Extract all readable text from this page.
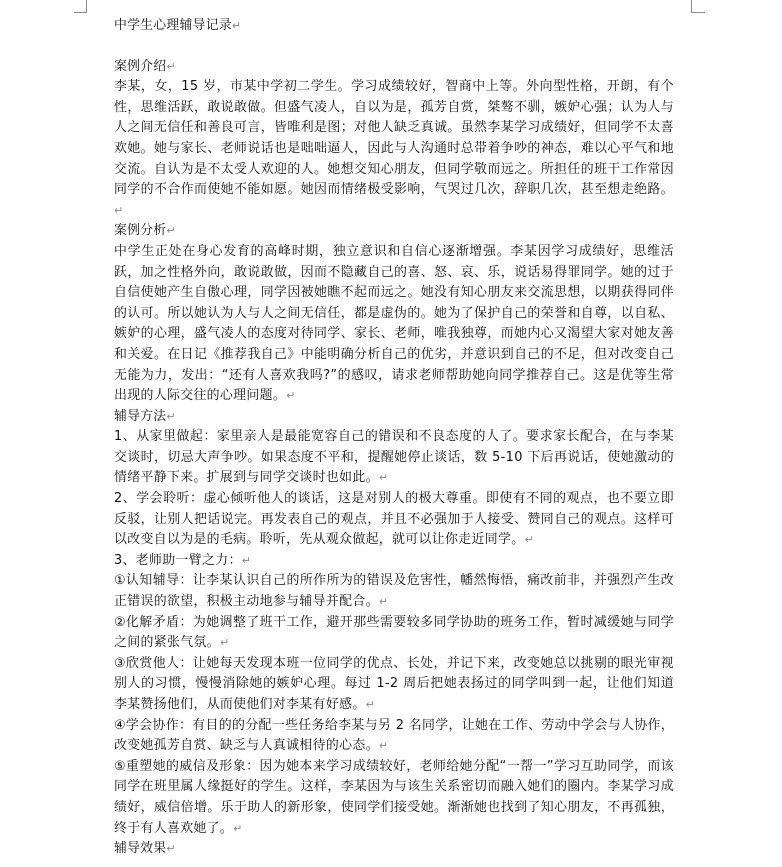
中学生心理辅导记录↵

案例介绍↵

李某，女，15 岁，市某中学初二学生。学习成绩较好，智商中上等。外向型性格，开朗，有个性，思维活跃，敢说敢做。但盛气凌人，自以为是，孤芳自赏，桀骜不驯，嫉妒心强；认为人与人之间无信任和善良可言，皆唯利是图；对他人缺乏真诚。虽然李某学习成绩好，但同学不太喜欢她。她与家长、老师说话也是咄咄逼人，因此与人沟通时总带着争吵的神态，难以心平气和地交流。自认为是不太受人欢迎的人。她想交知心朋友，但同学敬而远之。所担任的班干工作常因同学的不合作而使她不能如愿。她因而情绪极受影响，气哭过几次，辞职几次，甚至想走绝路。↵

案例分析↵

中学生正处在身心发育的高峰时期，独立意识和自信心逐渐增强。李某因学习成绩好，思维活跃，加之性格外向，敢说敢做，因而不隐藏自己的喜、怒、哀、乐，说话易得罪同学。她的过于自信使她产生自傲心理，同学因被她瞧不起而远之。她没有知心朋友来交流思想，以期获得同伴的认可。所以她认为人与人之间无信任，都是虚伪的。她为了保护自己的荣誉和自尊，以自私、嫉妒的心理，盛气凌人的态度对待同学、家长、老师，唯我独尊，而她内心又渴望大家对她友善和关爱。在日记《推荐我自己》中能明确分析自己的优劣，并意识到自己的不足，但对改变自己无能为力，发出：“还有人喜欢我吗?”的感叹，请求老师帮助她向同学推荐自己。这是优等生常出现的人际交往的心理问题。↵

辅导方法↵

1、从家里做起：家里亲人是最能宽容自己的错误和不良态度的人了。要求家长配合，在与李某交谈时，切忌大声争吵。如果态度不平和，提醒她停止谈话，数 5-10 下后再说话，使她激动的情绪平静下来。扩展到与同学交谈时也如此。↵

2、学会聆听：虚心倾听他人的谈话，这是对别人的极大尊重。即使有不同的观点，也不要立即反驳，让别人把话说完。再发表自己的观点，并且不必强加于人接受、赞同自己的观点。这样可以改变自以为是的毛病。聆听，先从观众做起，就可以让你走近同学。↵

3、老师助一臂之力：↵

①认知辅导：让李某认识自己的所作所为的错误及危害性，幡然悔悟，痛改前非，并强烈产生改正错误的欲望，积极主动地参与辅导并配合。↵

②化解矛盾：为她调整了班干工作，避开那些需要较多同学协助的班务工作，暂时减缓她与同学之间的紧张气氛。↵

③欣赏他人：让她每天发现本班一位同学的优点、长处，并记下来，改变她总以挑剔的眼光审视别人的习惯，慢慢消除她的嫉妒心理。每过 1-2 周后把她表扬过的同学叫到一起，让他们知道李某赞扬他们，从而使他们对李某有好感。↵

④学会协作：有目的的分配一些任务给李某与另 2 名同学，让她在工作、劳动中学会与人协作，改变她孤芳自赏、缺乏与人真诚相待的心态。↵

⑤重塑她的威信及形象：因为她本来学习成绩较好，老师给她分配“一帮一”学习互助同学，而该同学在班里属人缘挺好的学生。这样，李某因为与该生关系密切而融入她们的圈内。李某学习成绩好，威信倍增。乐于助人的新形象，使同学们接受她。渐渐她也找到了知心朋友，不再孤独，终于有人喜欢她了。↵

辅导效果↵
